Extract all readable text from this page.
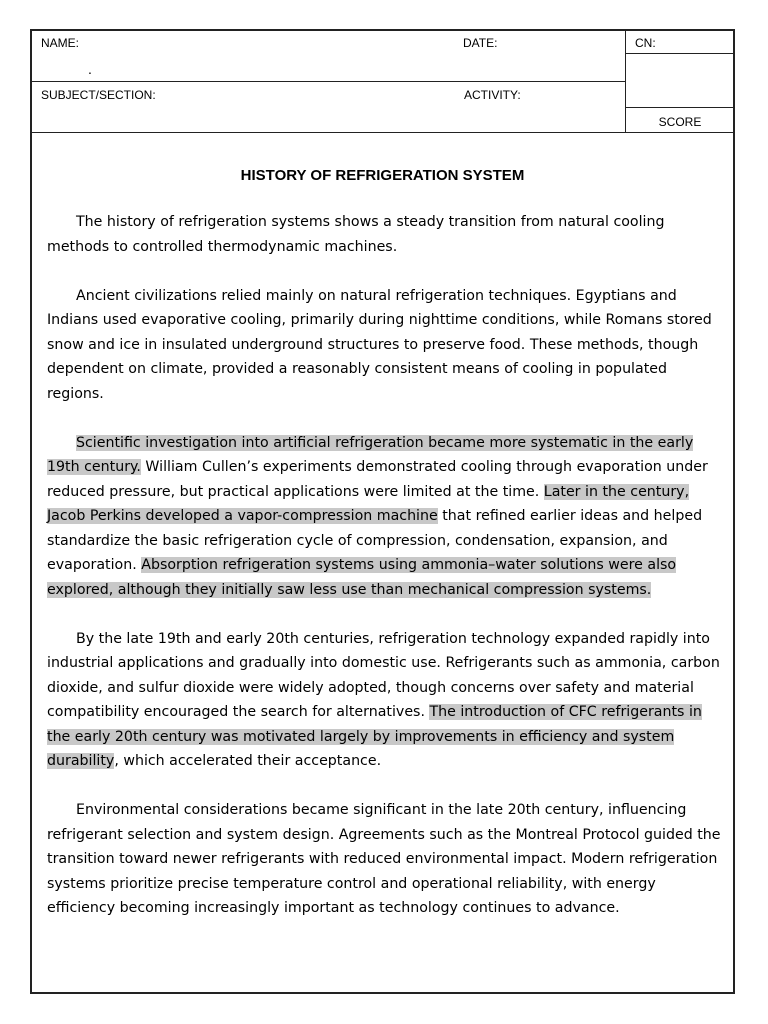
NAME:
.
DATE:	CN:
SUBJECT/SECTION:	ACTIVITY:
SCORE
HISTORY OF REFRIGERATION SYSTEM

The history of refrigeration systems shows a steady transition from natural cooling methods to controlled thermodynamic machines.

Ancient civilizations relied mainly on natural refrigeration techniques. Egyptians and Indians used evaporative cooling, primarily during nighttime conditions, while Romans stored snow and ice in insulated underground structures to preserve food. These methods, though dependent on climate, provided a reasonably consistent means of cooling in populated regions.

Scientific investigation into artificial refrigeration became more systematic in the early 19th century. William Cullen’s experiments demonstrated cooling through evaporation under reduced pressure, but practical applications were limited at the time. Later in the century, Jacob Perkins developed a vapor-compression machine that refined earlier ideas and helped standardize the basic refrigeration cycle of compression, condensation, expansion, and evaporation. Absorption refrigeration systems using ammonia–water solutions were also explored, although they initially saw less use than mechanical compression systems.

By the late 19th and early 20th centuries, refrigeration technology expanded rapidly into industrial applications and gradually into domestic use. Refrigerants such as ammonia, carbon dioxide, and sulfur dioxide were widely adopted, though concerns over safety and material compatibility encouraged the search for alternatives. The introduction of CFC refrigerants in the early 20th century was motivated largely by improvements in efficiency and system durability, which accelerated their acceptance.

Environmental considerations became significant in the late 20th century, influencing refrigerant selection and system design. Agreements such as the Montreal Protocol guided the transition toward newer refrigerants with reduced environmental impact. Modern refrigeration systems prioritize precise temperature control and operational reliability, with energy efficiency becoming increasingly important as technology continues to advance.
